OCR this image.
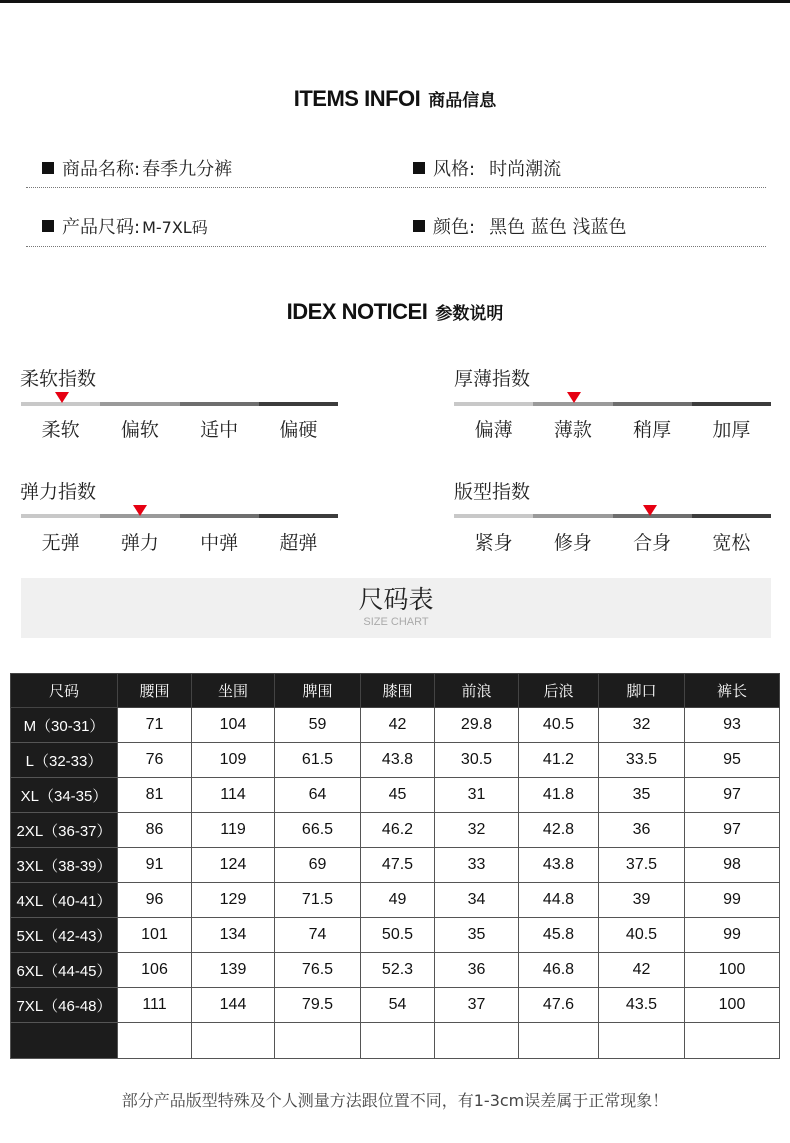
ITEMS INFOI 商品信息
商品名称: 春季九分裤	风格: 时尚潮流
产品尺码: M-7XL码	颜色: 黑色 蓝色 浅蓝色
IDEX NOTICEI 参数说明
柔软指数
柔软	偏软	适中	偏硬
厚薄指数
偏薄	薄款	稍厚	加厚
弹力指数
无弹	弹力	中弹	超弹
版型指数
紧身	修身	合身	宽松
尺码表
SIZE CHART
尺码	腰围	坐围	脾围	膝围	前浪	后浪	脚口	裤长
M（30-31）	71	104	59	42	29.8	40.5	32	93
L（32-33）	76	109	61.5	43.8	30.5	41.2	33.5	95
XL（34-35）	81	114	64	45	31	41.8	35	97
2XL（36-37）	86	119	66.5	46.2	32	42.8	36	97
3XL（38-39）	91	124	69	47.5	33	43.8	37.5	98
4XL（40-41）	96	129	71.5	49	34	44.8	39	99
5XL（42-43）	101	134	74	50.5	35	45.8	40.5	99
6XL（44-45）	106	139	76.5	52.3	36	46.8	42	100
7XL（46-48）	111	144	79.5	54	37	47.6	43.5	100

部分产品版型特殊及个人测量方法跟位置不同，有1-3cm误差属于正常现象！
